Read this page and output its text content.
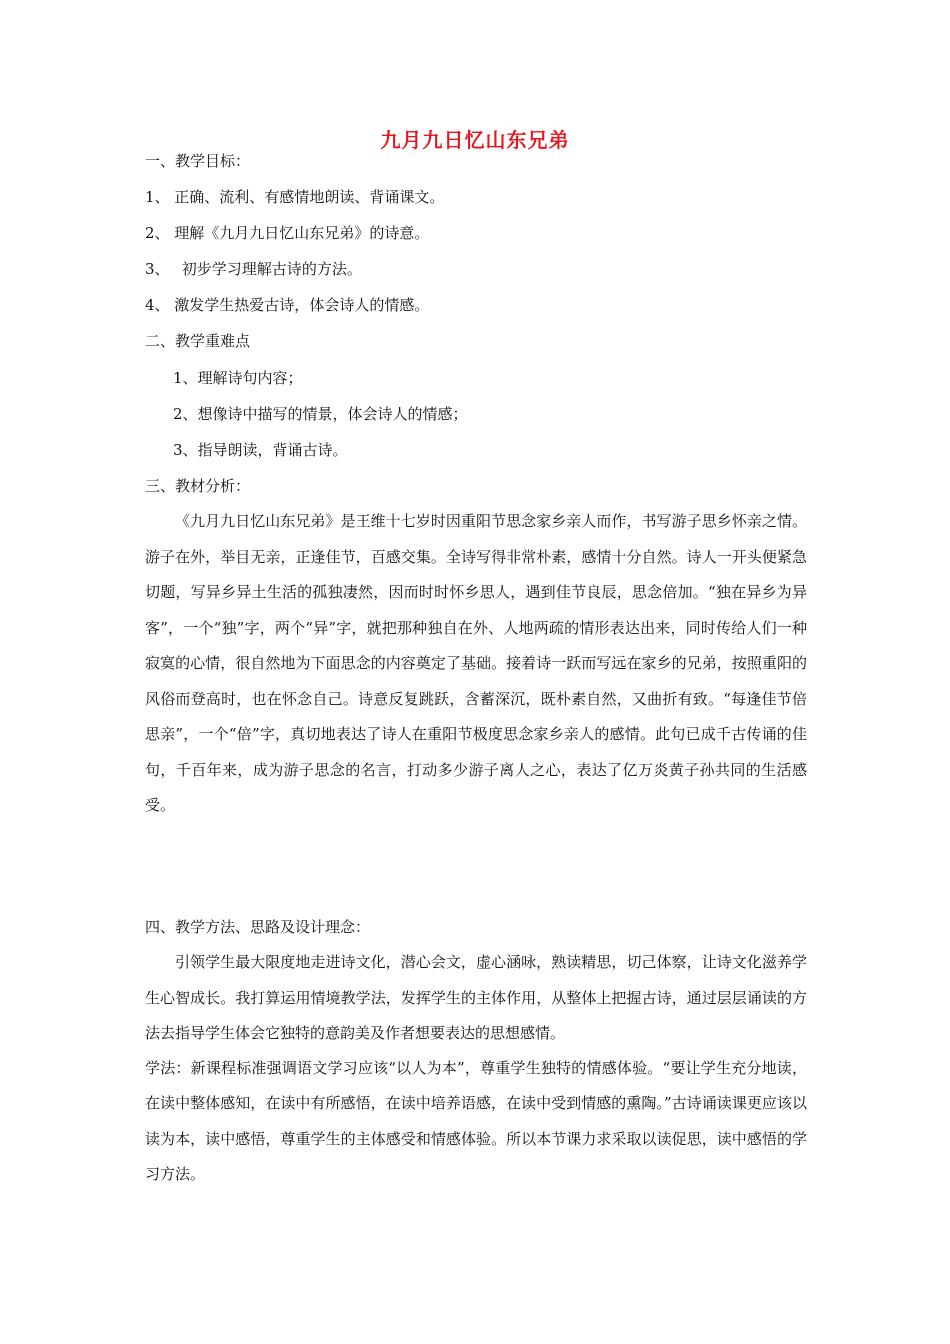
九月九日忆山东兄弟
一、教学目标：
1、 正确、流利、有感情地朗读、背诵课文。
2、 理解《九月九日忆山东兄弟》的诗意。
3、　 初步学习理解古诗的方法。
4、 激发学生热爱古诗，体会诗人的情感。
二、教学重难点
1、理解诗句内容；
2、想像诗中描写的情景，体会诗人的情感；
3、指导朗读，背诵古诗。
三、教材分析：
《九月九日忆山东兄弟》是王维十七岁时因重阳节思念家乡亲人而作，书写游子思乡怀亲之情。游子在外，举目无亲，正逢佳节，百感交集。全诗写得非常朴素，感情十分自然。诗人一开头便紧急切题，写异乡异土生活的孤独凄然，因而时时怀乡思人，遇到佳节良辰，思念倍加。“独在异乡为异客”，一个“独”字，两个“异”字，就把那种独自在外、人地两疏的情形表达出来，同时传给人们一种寂寞的心情，很自然地为下面思念的内容奠定了基础。接着诗一跃而写远在家乡的兄弟，按照重阳的风俗而登高时，也在怀念自己。诗意反复跳跃，含蓄深沉，既朴素自然，又曲折有致。“每逢佳节倍思亲”，一个“倍”字，真切地表达了诗人在重阳节极度思念家乡亲人的感情。此句已成千古传诵的佳句，千百年来，成为游子思念的名言，打动多少游子离人之心，表达了亿万炎黄子孙共同的生活感受。
四、教学方法、思路及设计理念：
引领学生最大限度地走进诗文化，潜心会文，虚心涵咏，熟读精思，切己体察，让诗文化滋养学生心智成长。我打算运用情境教学法，发挥学生的主体作用，从整体上把握古诗，通过层层诵读的方法去指导学生体会它独特的意韵美及作者想要表达的思想感情。
学法：新课程标准强调语文学习应该“以人为本”，尊重学生独特的情感体验。“要让学生充分地读，在读中整体感知，在读中有所感悟，在读中培养语感，在读中受到情感的熏陶。”古诗诵读课更应该以读为本，读中感悟，尊重学生的主体感受和情感体验。所以本节课力求采取以读促思，读中感悟的学习方法。
